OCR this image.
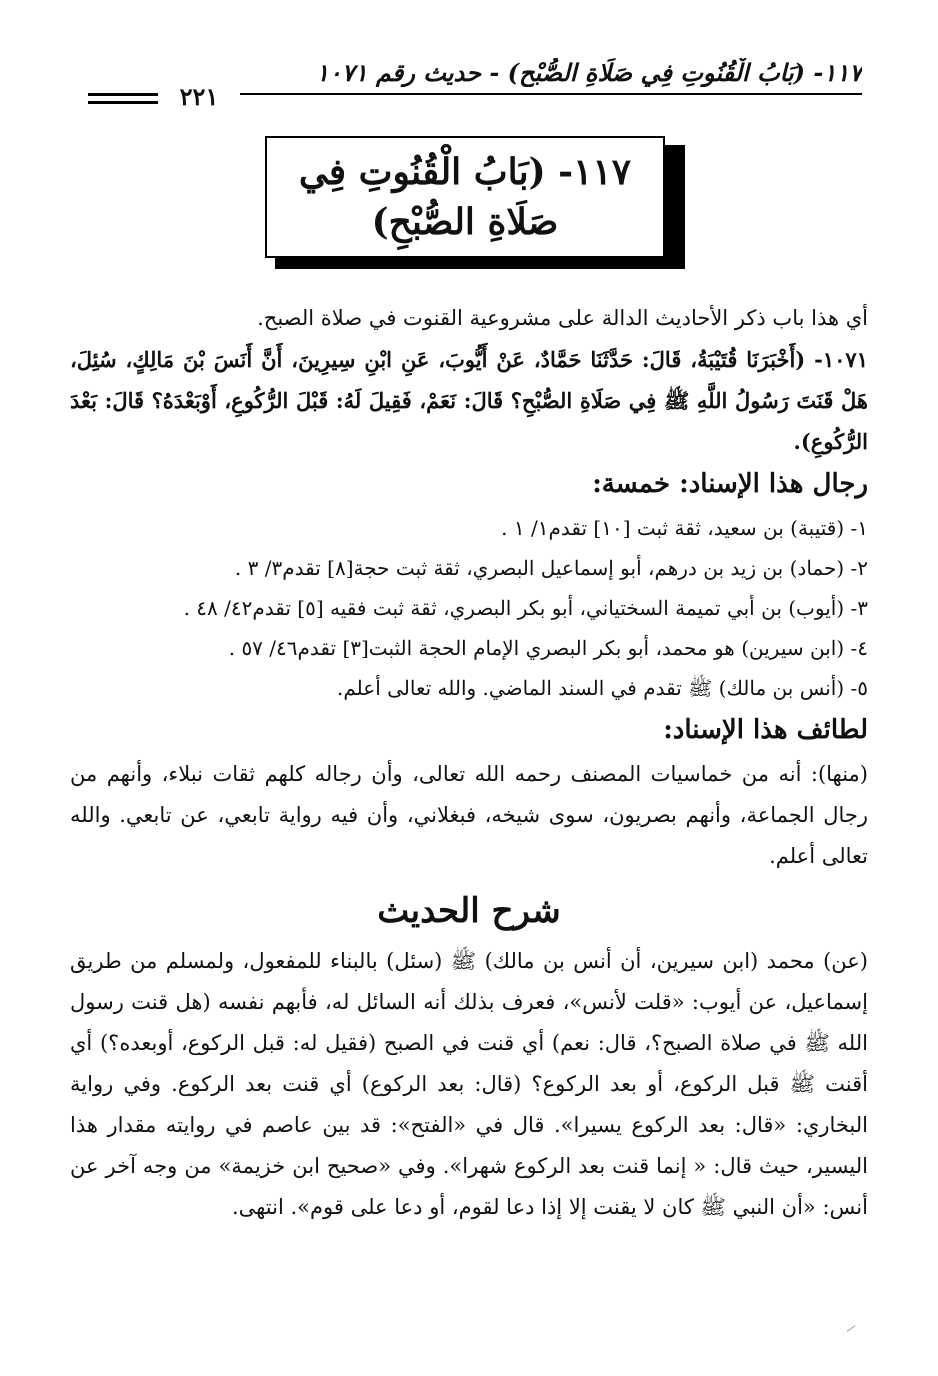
١١٧- (بَابُ الْقُنُوتِ فِي صَلَاةِ الصُّبْحِ) - حديث رقم ١٠٧١
٢٢١
١١٧- (بَابُ الْقُنُوتِ فِي صَلَاةِ الصُّبْحِ)

أي هذا باب ذكر الأحاديث الدالة على مشروعية القنوت في صلاة الصبح.

١٠٧١- (أَخْبَرَنَا قُتَيْبَةُ، قَالَ: حَدَّثَنَا حَمَّادٌ، عَنْ أَيُّوبَ، عَنِ ابْنِ سِيرِينَ، أَنَّ أَنَسَ بْنَ مَالِكٍ، سُئِلَ، هَلْ قَنَتَ رَسُولُ اللَّهِ ﷺ فِي صَلَاةِ الصُّبْحِ؟ قَالَ: نَعَمْ، فَقِيلَ لَهُ: قَبْلَ الرُّكُوعِ، أَوْبَعْدَهُ؟ قَالَ: بَعْدَ الرُّكُوعِ).

رجال هذا الإسناد: خمسة:

١- (قتيبة) بن سعيد، ثقة ثبت [١٠] تقدم١/ ١ .

٢- (حماد) بن زيد بن درهم، أبو إسماعيل البصري، ثقة ثبت حجة[٨] تقدم٣/ ٣ .

٣- (أيوب) بن أبي تميمة السختياني، أبو بكر البصري، ثقة ثبت فقيه [٥] تقدم٤٢/ ٤٨ .

٤- (ابن سيرين) هو محمد، أبو بكر البصري الإمام الحجة الثبت[٣] تقدم٤٦/ ٥٧ .

٥- (أنس بن مالك) ﷺ تقدم في السند الماضي. والله تعالى أعلم.

لطائف هذا الإسناد:

(منها): أنه من خماسيات المصنف رحمه الله تعالى، وأن رجاله كلهم ثقات نبلاء، وأنهم من رجال الجماعة، وأنهم بصريون، سوى شيخه، فبغلاني، وأن فيه رواية تابعي، عن تابعي. والله تعالى أعلم.

شرح الحديث

(عن) محمد (ابن سيرين، أن أنس بن مالك) ﷺ (سئل) بالبناء للمفعول، ولمسلم من طريق إسماعيل، عن أيوب: «قلت لأنس»، فعرف بذلك أنه السائل له، فأبهم نفسه (هل قنت رسول الله ﷺ في صلاة الصبح؟، قال: نعم) أي قنت في الصبح (فقيل له: قبل الركوع، أوبعده؟) أي أقنت ﷺ قبل الركوع، أو بعد الركوع؟ (قال: بعد الركوع) أي قنت بعد الركوع. وفي رواية البخاري: «قال: بعد الركوع يسيرا». قال في «الفتح»: قد بين عاصم في روايته مقدار هذا اليسير، حيث قال: « إنما قنت بعد الركوع شهرا». وفي «صحيح ابن خزيمة» من وجه آخر عن أنس: «أن النبي ﷺ كان لا يقنت إلا إذا دعا لقوم، أو دعا على قوم». انتهى.
